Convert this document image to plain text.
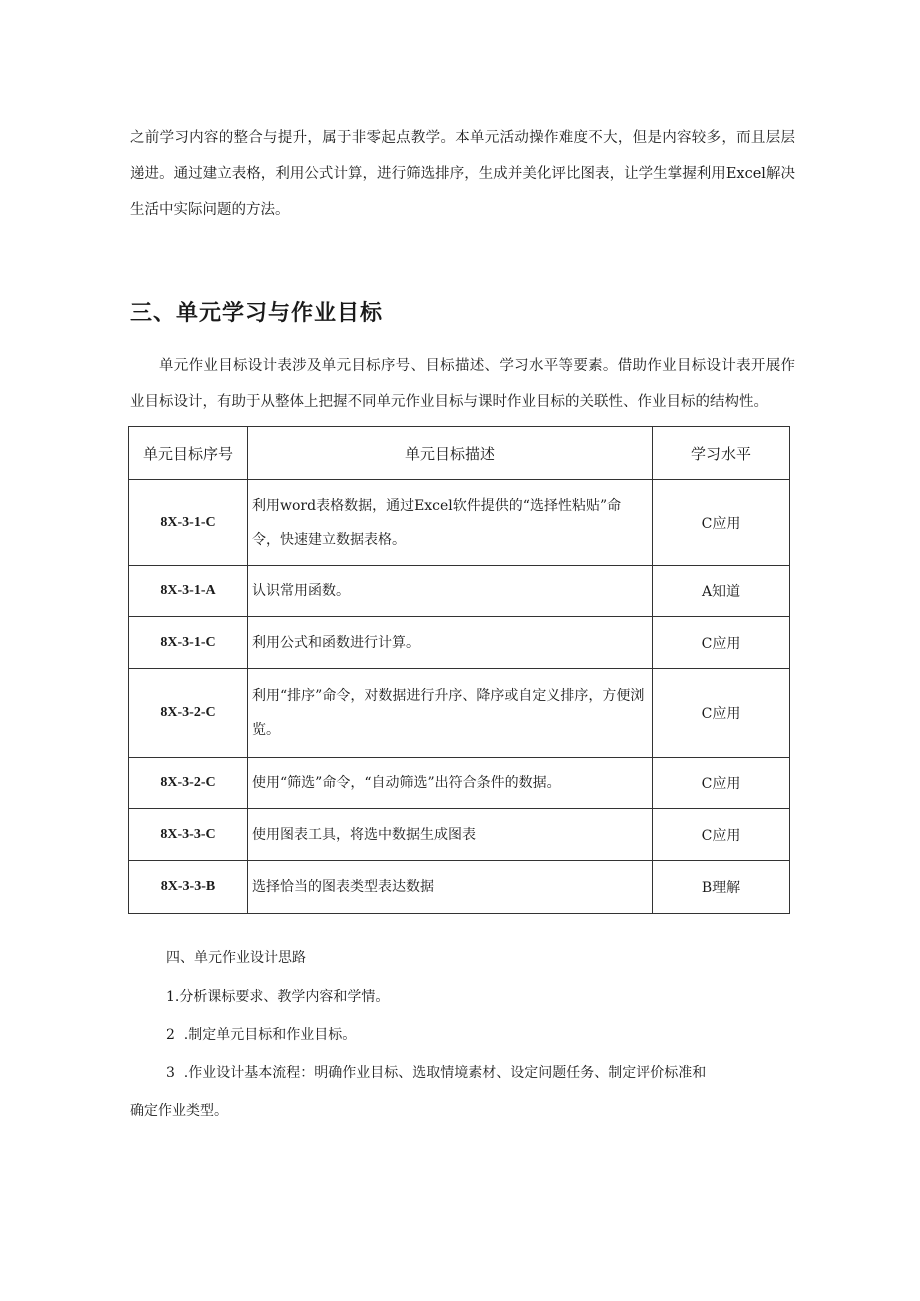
之前学习内容的整合与提升，属于非零起点教学。本单元活动操作难度不大，但是内容较多，而且层层递进。通过建立表格，利用公式计算，进行筛选排序，生成并美化评比图表，让学生掌握利用Excel解决生活中实际问题的方法。

三、单元学习与作业目标

单元作业目标设计表涉及单元目标序号、目标描述、学习水平等要素。借助作业目标设计表开展作业目标设计，有助于从整体上把握不同单元作业目标与课时作业目标的关联性、作业目标的结构性。

单元目标序号	单元目标描述	学习水平
8X-3-1-C	利用word表格数据，通过Excel软件提供的“选择性粘贴”命令，快速建立数据表格。	C应用
8X-3-1-A	认识常用函数。	A知道
8X-3-1-C	利用公式和函数进行计算。	C应用
8X-3-2-C	利用“排序”命令，对数据进行升序、降序或自定义排序，方便浏览。	C应用
8X-3-2-C	使用“筛选”命令，“自动筛选”出符合条件的数据。	C应用
8X-3-3-C	使用图表工具，将选中数据生成图表	C应用
8X-3-3-B	选择恰当的图表类型表达数据	B理解

四、单元作业设计思路

1.分析课标要求、教学内容和学情。

2  .制定单元目标和作业目标。

3  .作业设计基本流程：明确作业目标、选取情境素材、设定问题任务、制定评价标准和

确定作业类型。
